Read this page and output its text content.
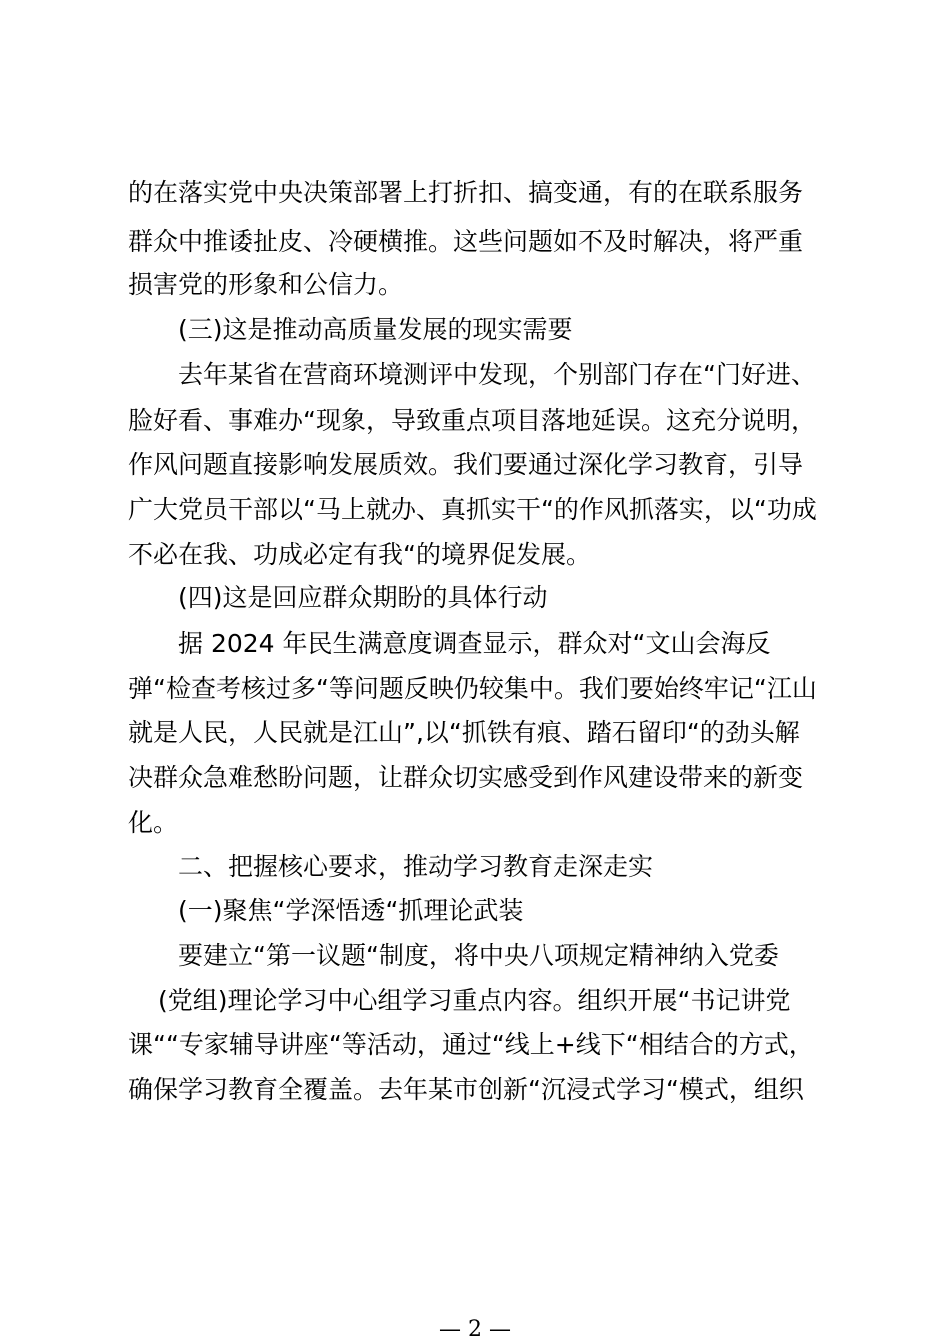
的在落实党中央决策部署上打折扣、搞变通，有的在联系服务

群众中推诿扯皮、冷硬横推。这些问题如不及时解决，将严重

损害党的形象和公信力。

(三)这是推动高质量发展的现实需要

去年某省在营商环境测评中发现，个别部门存在“门好进、

脸好看、事难办“现象，导致重点项目落地延误。这充分说明，

作风问题直接影响发展质效。我们要通过深化学习教育，引导

广大党员干部以“马上就办、真抓实干“的作风抓落实，以“功成

不必在我、功成必定有我“的境界促发展。

(四)这是回应群众期盼的具体行动

据 2024 年民生满意度调查显示，群众对“文山会海反

弹“检查考核过多“等问题反映仍较集中。我们要始终牢记“江山

就是人民，人民就是江山”,以“抓铁有痕、踏石留印“的劲头解

决群众急难愁盼问题，让群众切实感受到作风建设带来的新变

化。

二、把握核心要求，推动学习教育走深走实

(一)聚焦“学深悟透“抓理论武装

要建立“第一议题“制度，将中央八项规定精神纳入党委

(党组)理论学习中心组学习重点内容。组织开展“书记讲党

课““专家辅导讲座“等活动，通过“线上+线下“相结合的方式，

确保学习教育全覆盖。去年某市创新“沉浸式学习“模式，组织

— 2 —
